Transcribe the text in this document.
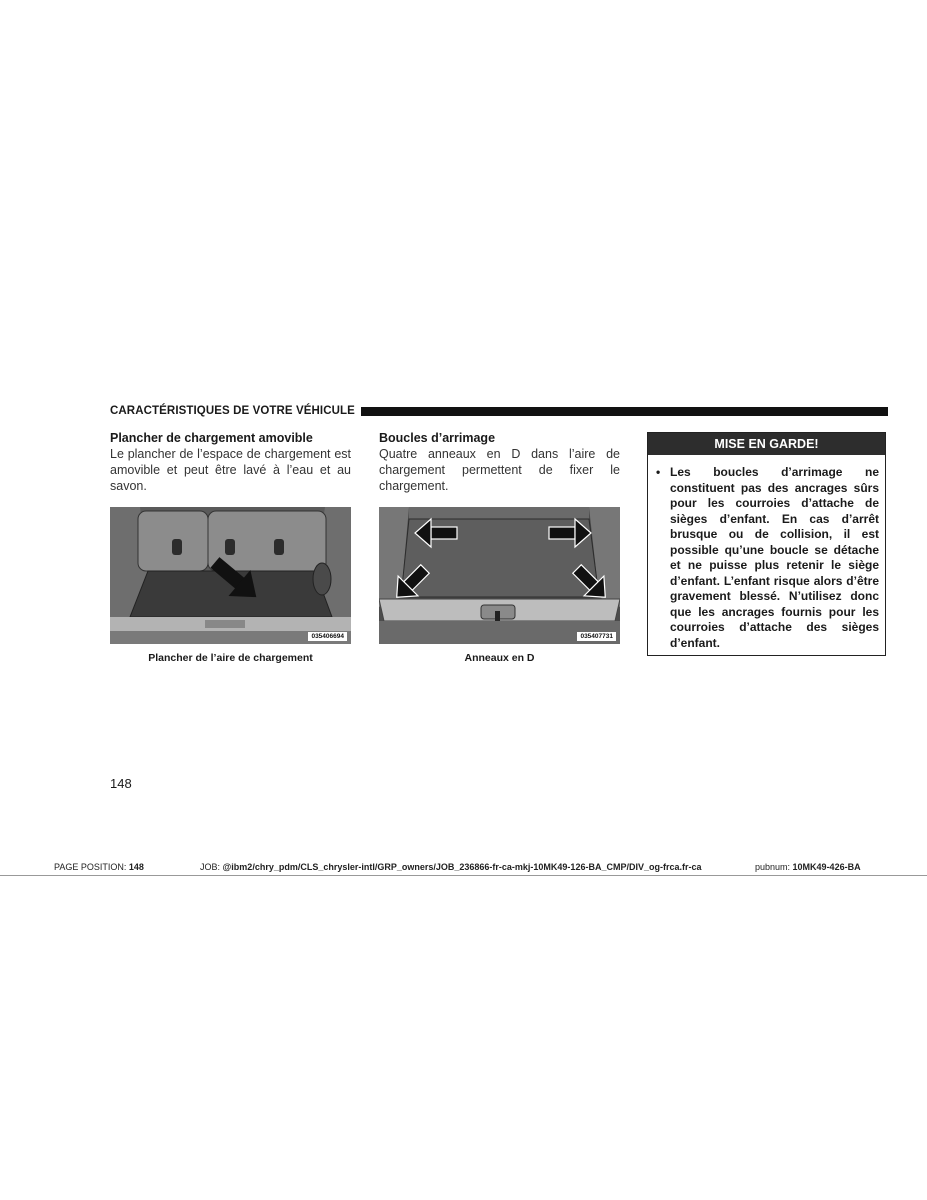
CARACTÉRISTIQUES DE VOTRE VÉHICULE
Plancher de chargement amovible

Le plancher de l’espace de chargement est amovible et peut être lavé à l’eau et au savon.

Boucles d’arrimage

Quatre anneaux en D dans l’aire de chargement permettent de fixer le chargement.

035406694
Plancher de l’aire de chargement
035407731
Anneaux en D
MISE EN GARDE!
• Les boucles d’arrimage ne constituent pas des ancrages sûrs pour les courroies d’attache de sièges d’enfant. En cas d’arrêt brusque ou de collision, il est possible qu’une boucle se détache et ne puisse plus retenir le siège d’enfant. L’enfant risque alors d’être gravement blessé. N’utilisez donc que les ancrages fournis pour les courroies d’attache des sièges d’enfant.

148
PAGE POSITION: 148	JOB: @ibm2/chry_pdm/CLS_chrysler-intl/GRP_owners/JOB_236866-fr-ca-mkj-10MK49-126-BA_CMP/DIV_og-frca.fr-ca	pubnum: 10MK49-426-BA
